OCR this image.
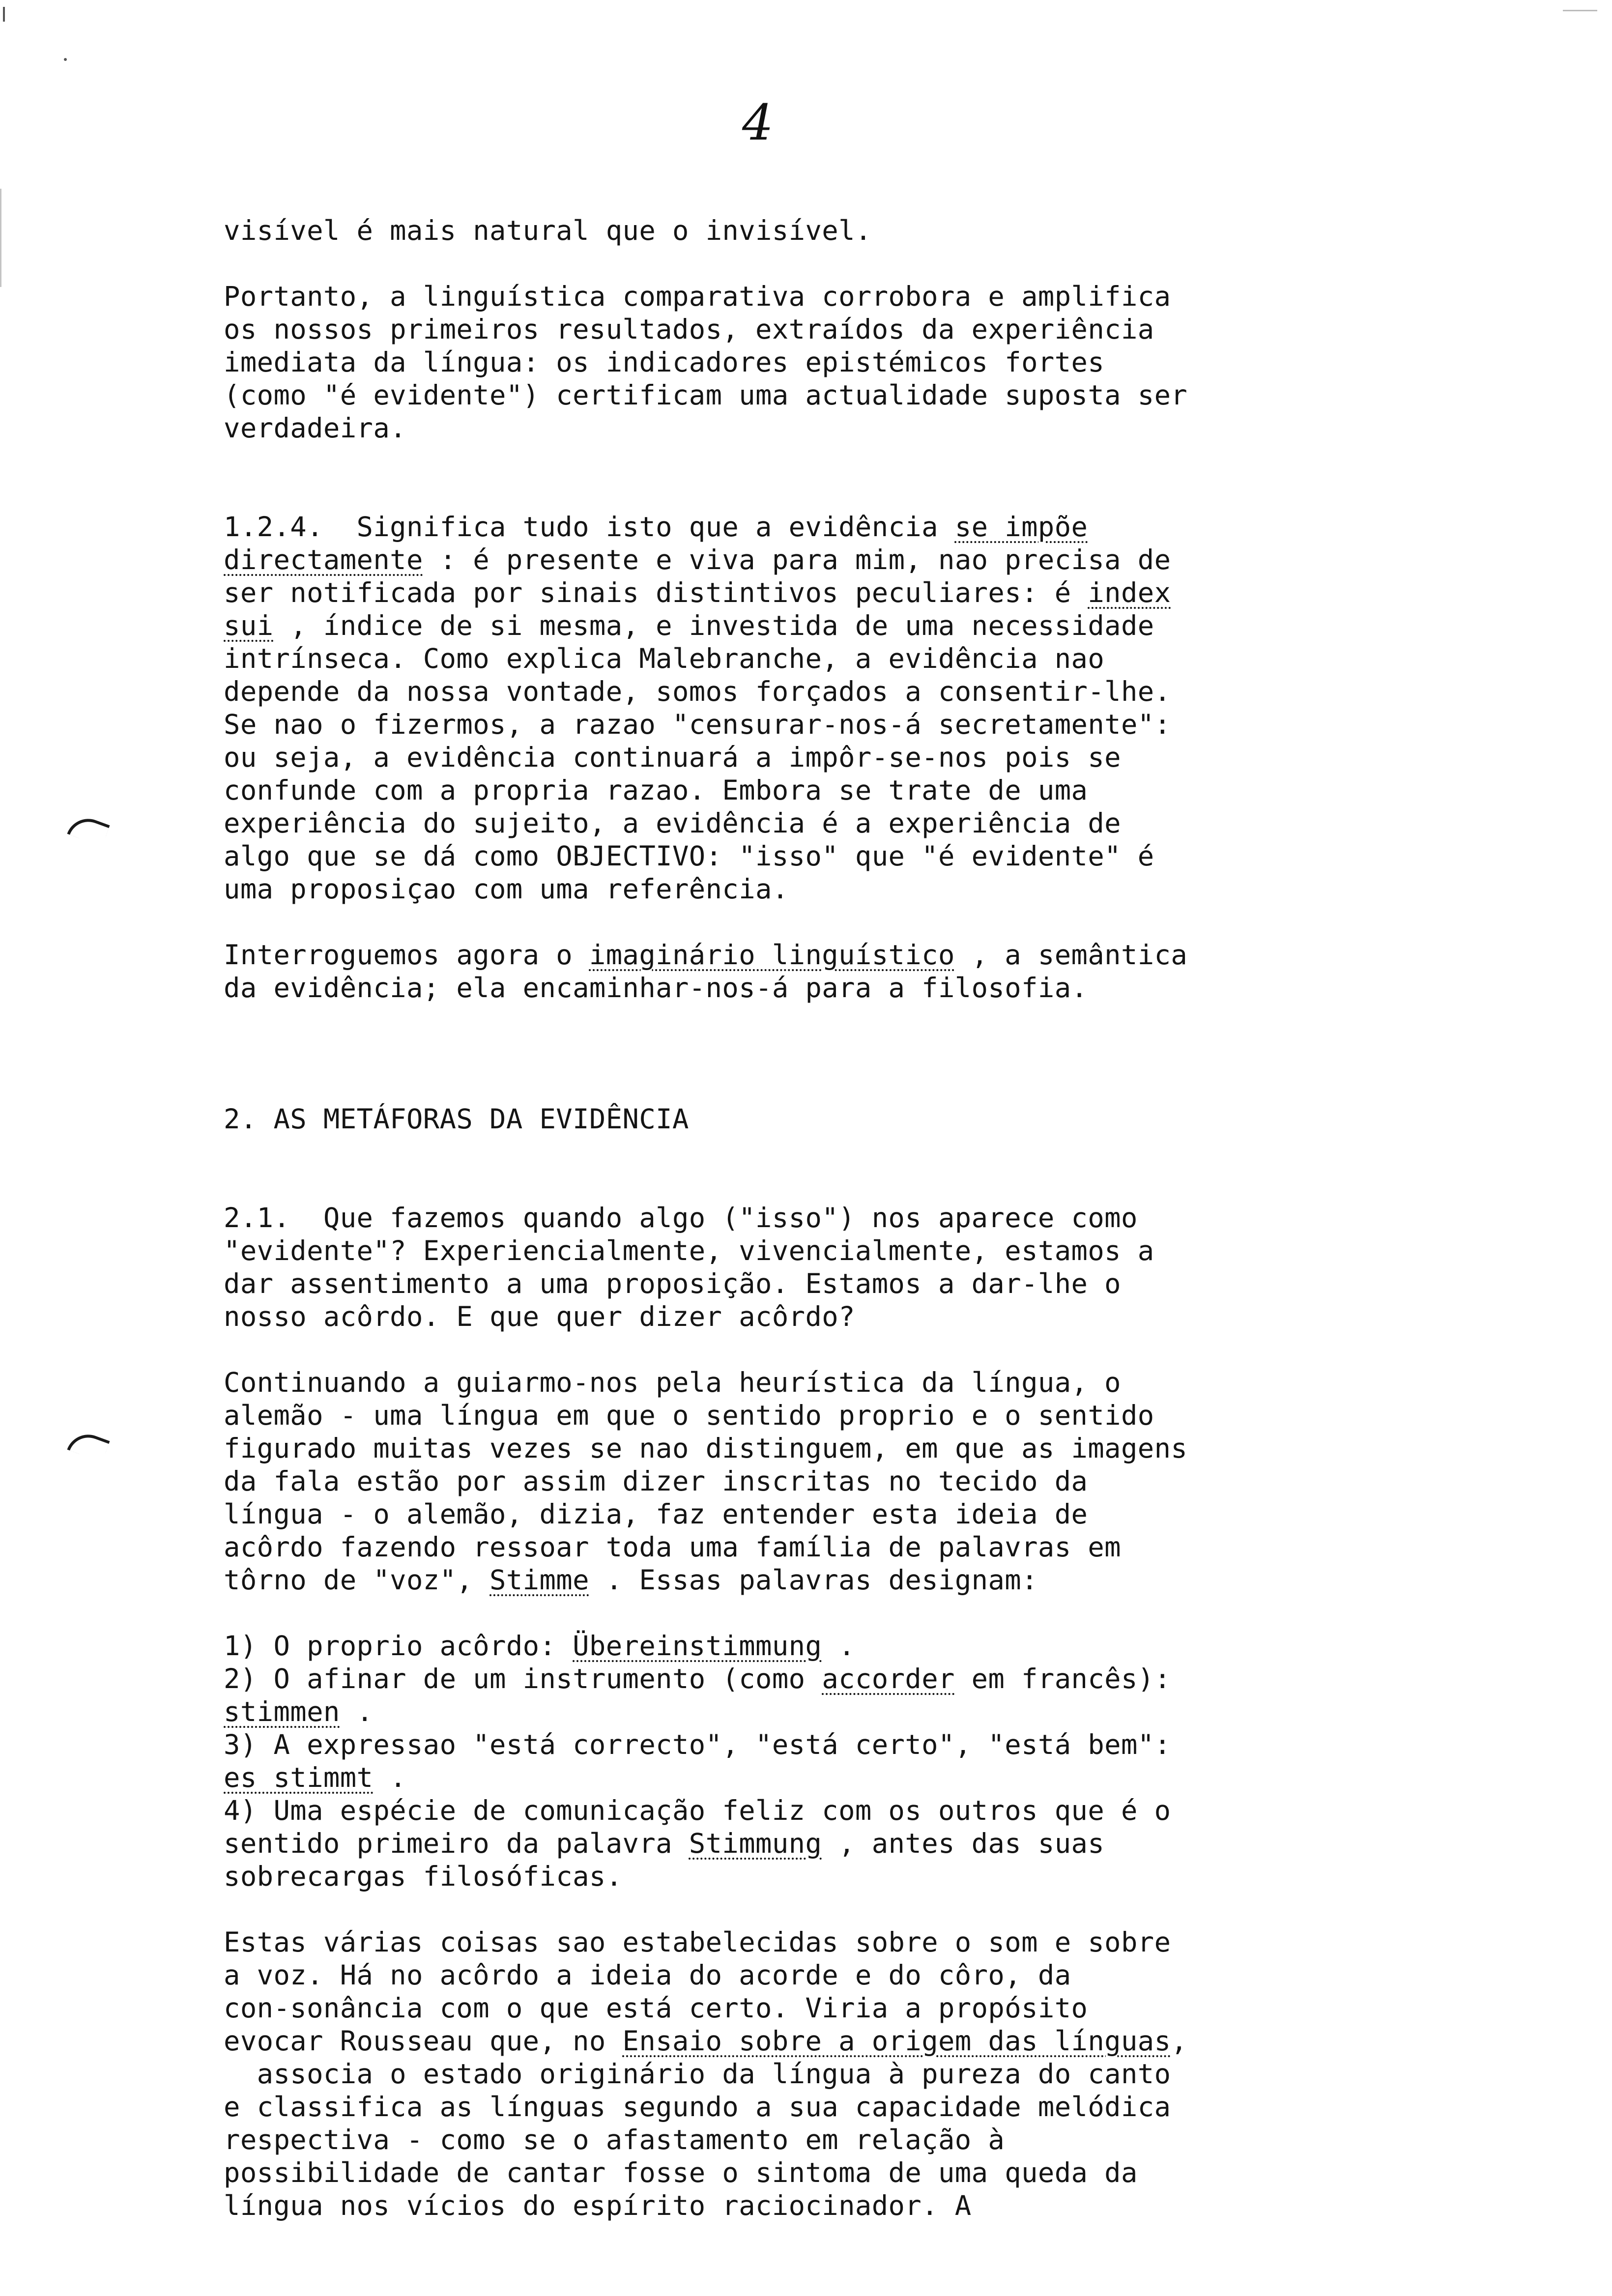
4
visível é mais natural que o invisível.
Portanto, a linguística comparativa corrobora e amplifica
os nossos primeiros resultados, extraídos da experiência
imediata da língua: os indicadores epistémicos fortes
(como "é evidente") certificam uma actualidade suposta ser
verdadeira.
1.2.4.  Significa tudo isto que a evidência se impõe
directamente : é presente e viva para mim, nao precisa de
ser notificada por sinais distintivos peculiares: é index
sui , índice de si mesma, e investida de uma necessidade
intrínseca. Como explica Malebranche, a evidência nao
depende da nossa vontade, somos forçados a consentir-lhe.
Se nao o fizermos, a razao "censurar-nos-á secretamente":
ou seja, a evidência continuará a impôr-se-nos pois se
confunde com a propria razao. Embora se trate de uma
experiência do sujeito, a evidência é a experiência de
algo que se dá como OBJECTIVO: "isso" que "é evidente" é
uma proposiçao com uma referência.
Interroguemos agora o imaginário linguístico , a semântica
da evidência; ela encaminhar-nos-á para a filosofia.
2. AS METÁFORAS DA EVIDÊNCIA
2.1.  Que fazemos quando algo ("isso") nos aparece como
"evidente"? Experiencialmente, vivencialmente, estamos a
dar assentimento a uma proposição. Estamos a dar-lhe o
nosso acôrdo. E que quer dizer acôrdo?
Continuando a guiarmo-nos pela heurística da língua, o
alemão - uma língua em que o sentido proprio e o sentido
figurado muitas vezes se nao distinguem, em que as imagens
da fala estão por assim dizer inscritas no tecido da
língua - o alemão, dizia, faz entender esta ideia de
acôrdo fazendo ressoar toda uma família de palavras em
tôrno de "voz", Stimme . Essas palavras designam:
1) O proprio acôrdo: Übereinstimmung .
2) O afinar de um instrumento (como accorder em francês):
stimmen .
3) A expressao "está correcto", "está certo", "está bem":
es stimmt .
4) Uma espécie de comunicação feliz com os outros que é o
sentido primeiro da palavra Stimmung , antes das suas
sobrecargas filosóficas.
Estas várias coisas sao estabelecidas sobre o som e sobre
a voz. Há no acôrdo a ideia do acorde e do côro, da
con-sonância com o que está certo. Viria a propósito
evocar Rousseau que, no Ensaio sobre a origem das línguas,
associa o estado originário da língua à pureza do canto
e classifica as línguas segundo a sua capacidade melódica
respectiva - como se o afastamento em relação à
possibilidade de cantar fosse o sintoma de uma queda da
língua nos vícios do espírito raciocinador. A
